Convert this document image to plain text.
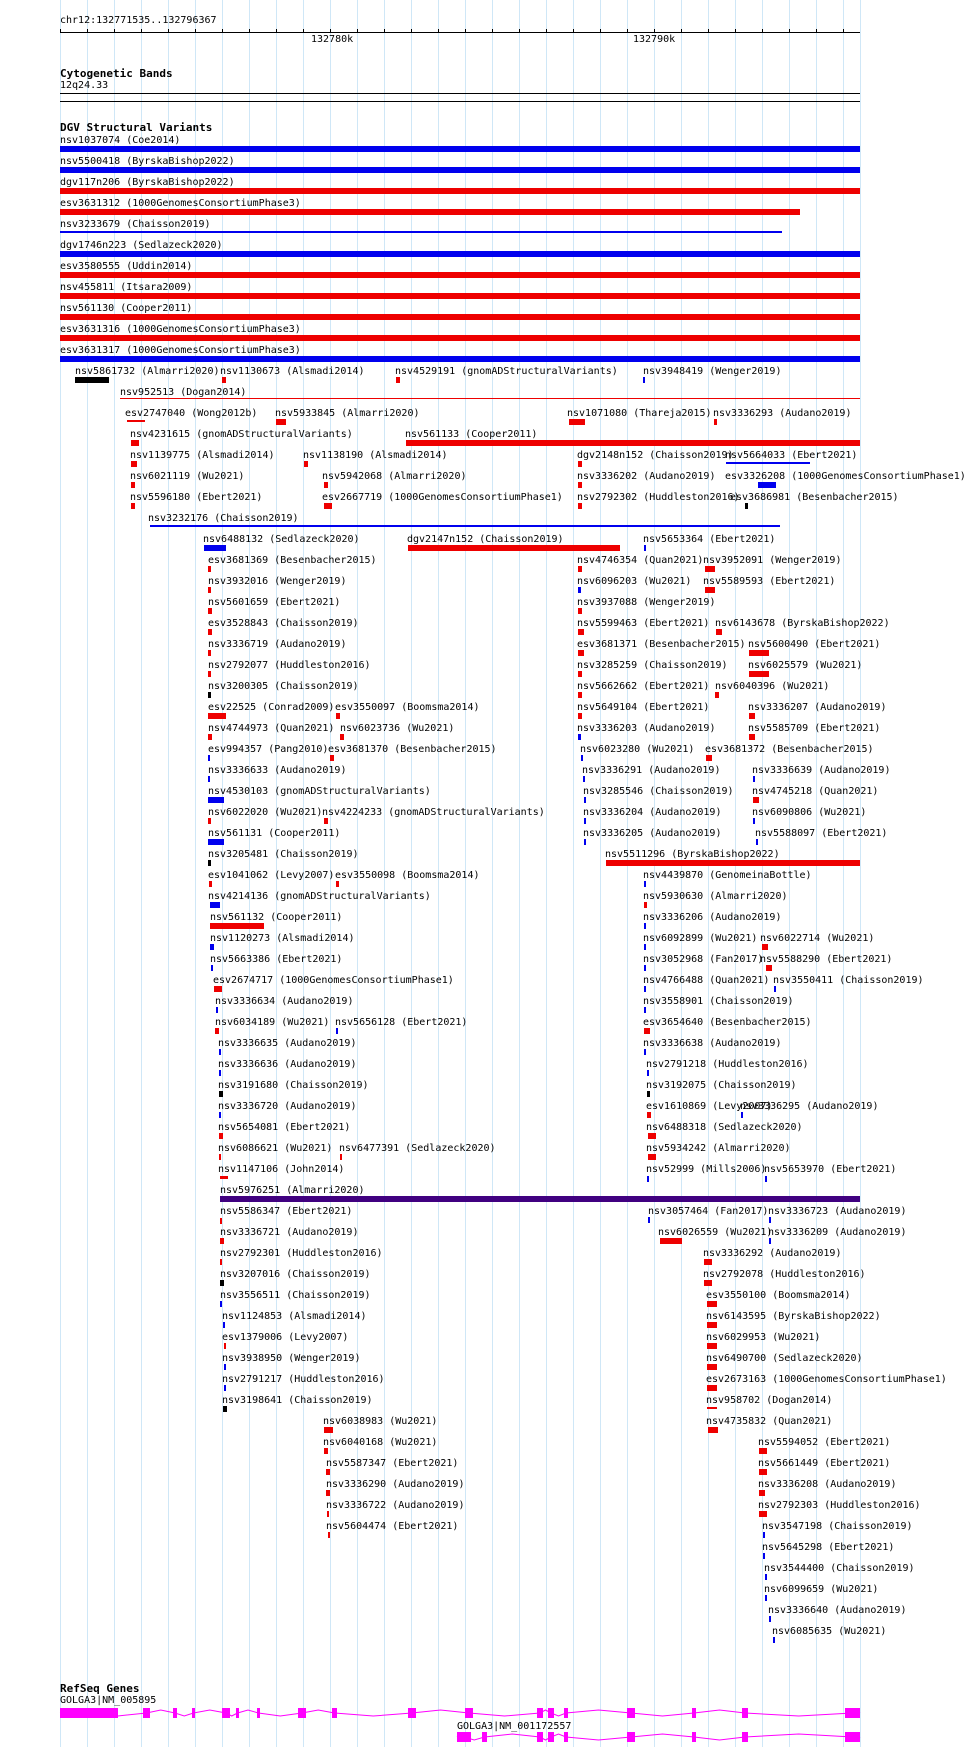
chr12:132771535..132796367
132780k	132790k
Cytogenetic Bands
12q24.33
DGV Structural Variants
nsv1037074 (Coe2014)
nsv5500418 (ByrskaBishop2022)
dgv117n206 (ByrskaBishop2022)
esv3631312 (1000GenomesConsortiumPhase3)
nsv3233679 (Chaisson2019)
dgv1746n223 (Sedlazeck2020)
esv3580555 (Uddin2014)
nsv455811 (Itsara2009)
nsv561130 (Cooper2011)
esv3631316 (1000GenomesConsortiumPhase3)
esv3631317 (1000GenomesConsortiumPhase3)
nsv5861732 (Almarri2020) nsv1130673 (Alsmadi2014)	nsv4529191 (gnomADStructuralVariants)	nsv3948419 (Wenger2019)
nsv952513 (Dogan2014)
esv2747040 (Wong2012b) nsv5933845 (Almarri2020)	nsv1071080 (Thareja2015) nsv3336293 (Audano2019)
nsv4231615 (gnomADStructuralVariants)	nsv561133 (Cooper2011)
nsv1139775 (Alsmadi2014)	nsv1138190 (Alsmadi2014)	dgv2148n152 (Chaisson2019)
nsv5664033 (Ebert2021)
nsv6021119 (Wu2021)	nsv5942068 (Almarri2020)	nsv3336202 (Audano2019) esv3326208 (1000GenomesConsortiumPhase1)
nsv5596180 (Ebert2021)	esv2667719 (1000GenomesConsortiumPhase1) nsv2792302 (Huddleston2016)
esv3686981 (Besenbacher2015)
nsv3232176 (Chaisson2019)
nsv6488132 (Sedlazeck2020)	dgv2147n152 (Chaisson2019)	nsv5653364 (Ebert2021)
esv3681369 (Besenbacher2015)	nsv4746354 (Quan2021) nsv3952091 (Wenger2019)
nsv3932016 (Wenger2019)	nsv6096203 (Wu2021) nsv5589593 (Ebert2021)
nsv5601659 (Ebert2021)	nsv3937088 (Wenger2019)
esv3528843 (Chaisson2019)	nsv5599463 (Ebert2021) nsv6143678 (ByrskaBishop2022)
nsv3336719 (Audano2019)	esv3681371 (Besenbacher2015) nsv5600490 (Ebert2021)
nsv2792077 (Huddleston2016)	nsv3285259 (Chaisson2019) nsv6025579 (Wu2021)
nsv3200305 (Chaisson2019)	nsv5662662 (Ebert2021) nsv6040396 (Wu2021)
esv22525 (Conrad2009) esv3550097 (Boomsma2014)	nsv5649104 (Ebert2021)	nsv3336207 (Audano2019)
nsv4744973 (Quan2021) nsv6023736 (Wu2021)	nsv3336203 (Audano2019)	nsv5585709 (Ebert2021)
esv994357 (Pang2010) esv3681370 (Besenbacher2015)	nsv6023280 (Wu2021) esv3681372 (Besenbacher2015)
nsv3336633 (Audano2019)	nsv3336291 (Audano2019)	nsv3336639 (Audano2019)
nsv4530103 (gnomADStructuralVariants)	nsv3285546 (Chaisson2019) nsv4745218 (Quan2021)
nsv6022020 (Wu2021) nsv4224233 (gnomADStructuralVariants)	nsv3336204 (Audano2019)	nsv6090806 (Wu2021)
nsv561131 (Cooper2011)	nsv3336205 (Audano2019)	nsv5588097 (Ebert2021)
nsv3205481 (Chaisson2019)	nsv5511296 (ByrskaBishop2022)
esv1041062 (Levy2007) esv3550098 (Boomsma2014)	nsv4439870 (GenomeinaBottle)
nsv4214136 (gnomADStructuralVariants)	nsv5930630 (Almarri2020)
nsv561132 (Cooper2011)	nsv3336206 (Audano2019)
nsv1120273 (Alsmadi2014)	nsv6092899 (Wu2021) nsv6022714 (Wu2021)
nsv5663386 (Ebert2021)	nsv3052968 (Fan2017)
nsv5588290 (Ebert2021)
esv2674717 (1000GenomesConsortiumPhase1)	nsv4766488 (Quan2021) nsv3550411 (Chaisson2019)
nsv3336634 (Audano2019)	nsv3558901 (Chaisson2019)
nsv6034189 (Wu2021) nsv5656128 (Ebert2021)	esv3654640 (Besenbacher2015)
nsv3336635 (Audano2019)	nsv3336638 (Audano2019)
nsv3336636 (Audano2019)	nsv2791218 (Huddleston2016)
nsv3191680 (Chaisson2019)	nsv3192075 (Chaisson2019)
nsv3336720 (Audano2019)	esv1610869 (Levy2007)
nsv3336295 (Audano2019)
nsv5654081 (Ebert2021)	nsv6488318 (Sedlazeck2020)
nsv6086621 (Wu2021) nsv6477391 (Sedlazeck2020)	nsv5934242 (Almarri2020)
nsv1147106 (John2014)	nsv52999 (Mills2006)
nsv5653970 (Ebert2021)
nsv5976251 (Almarri2020)
nsv5586347 (Ebert2021)	nsv3057464 (Fan2017) nsv3336723 (Audano2019)
nsv3336721 (Audano2019)	nsv6026559 (Wu2021)
nsv3336209 (Audano2019)
nsv2792301 (Huddleston2016)	nsv3336292 (Audano2019)
nsv3207016 (Chaisson2019)	nsv2792078 (Huddleston2016)
nsv3556511 (Chaisson2019)	esv3550100 (Boomsma2014)
nsv1124853 (Alsmadi2014)	nsv6143595 (ByrskaBishop2022)
esv1379006 (Levy2007)	nsv6029953 (Wu2021)
nsv3938950 (Wenger2019)	nsv6490700 (Sedlazeck2020)
nsv2791217 (Huddleston2016)	esv2673163 (1000GenomesConsortiumPhase1)
nsv3198641 (Chaisson2019)	nsv958702 (Dogan2014)
nsv6038983 (Wu2021)	nsv4735832 (Quan2021)
nsv6040168 (Wu2021)	nsv5594052 (Ebert2021)
nsv5587347 (Ebert2021)	nsv5661449 (Ebert2021)
nsv3336290 (Audano2019)	nsv3336208 (Audano2019)
nsv3336722 (Audano2019)	nsv2792303 (Huddleston2016)
nsv5604474 (Ebert2021)	nsv3547198 (Chaisson2019)
nsv5645298 (Ebert2021)
nsv3544400 (Chaisson2019)
nsv6099659 (Wu2021)
nsv3336640 (Audano2019)
nsv6085635 (Wu2021)
RefSeq Genes
GOLGA3|NM_005895
GOLGA3|NM_001172557
